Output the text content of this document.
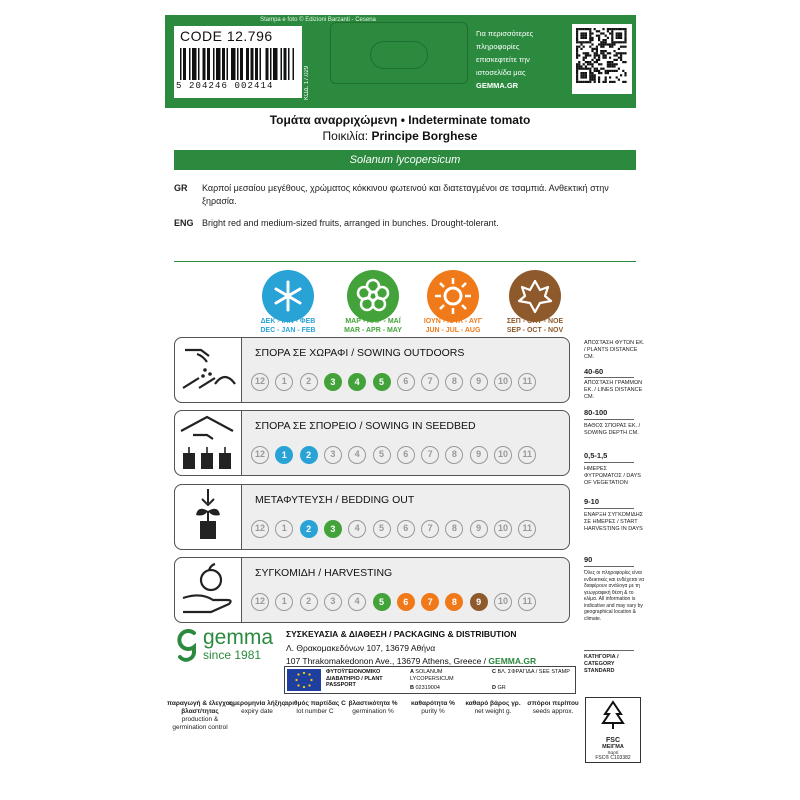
Stampa e foto © Edizioni Barzanti - Cesena
CODE 12.796
5 204246 002414	ΚΩΔ. 17.029
Για περισσότερες
πληροφορίες
επισκεφτείτε την
ιστοσελίδα μας
GEMMA.GR
Τομάτα αναρριχώμενη • Indeterminate tomato
Ποικιλία: Principe Borghese
Solanum lycopersicum
GR Καρποί μεσαίου μεγέθους, χρώματος κόκκινου φωτεινού και διατεταγμένοι σε τσαμπιά. Ανθεκτική στην ξηρασία.
ENG Bright red and medium-sized fruits, arranged in bunches. Drought-tolerant.
ΔΕΚ - ΙΑΝ - ΦΕΒ
DEC - JAN - FEB
ΜΑΡ - ΑΠΡ - ΜΑΪ
MAR - APR - MAY
ΙΟΥΝ - ΙΟΥΛ - ΑΥΓ
JUN - JUL - AUG
ΣΕΠ - ΟΚΤ - ΝΟΕ
SEP - OCT - NOV
ΣΠΟΡΑ ΣΕ ΧΩΡΑΦΙ / SOWING OUTDOORS
ΣΠΟΡΑ ΣΕ ΣΠΟΡΕΙΟ / SOWING IN SEEDBED
ΜΕΤΑΦΥΤΕΥΣΗ / BEDDING OUT
ΣΥΓΚΟΜΙΔΗ / HARVESTING
12	1	2	3	4	5	6	7	8	9	10	11
12	1	2	3	4	5	6	7	8	9	10	11
12	1	2	3	4	5	6	7	8	9	10	11
12	1	2	3	4	5	6	7	8	9	10	11
ΑΠΟΣΤΑΣΗ ΦΥΤΩΝ ΕΚ. / PLANTS DISTANCE CM.
40-60
ΑΠΟΣΤΑΣΗ ΓΡΑΜΜΩΝ ΕΚ. / LINES DISTANCE CM.
80-100
ΒΑΘΟΣ ΣΠΟΡΑΣ ΕΚ. / SOWING DEPTH CM.
0,5-1,5
ΗΜΕΡΕΣ ΦΥΤΡΩΜΑΤΟΣ / DAYS OF VEGETATION
9-10
ΕΝΑΡΞΗ ΣΥΓΚΟΜΙΔΗΣ ΣΕ ΗΜΕΡΕΣ / START HARVESTING IN DAYS
90
Όλες οι πληροφορίες είναι ενδεικτικές και ενδέχεται να διαφέρουν ανάλογα με τη γεωγραφική θέση & το κλίμα. All information is indicative and may vary by geographical location & climate.
ΚΑΤΗΓΟΡΙΑ / CATEGORY
STANDARD
gemma
since 1981
ΣΥΣΚΕΥΑΣΙΑ & ΔΙΑΘΕΣΗ / PACKAGING & DISTRIBUTION
Λ. Θρακομακεδόνων 107, 13679 Αθήνα
107 Thrakomakedonon Ave., 13679 Athens, Greece / GEMMA.GR
ΦΥΤΟΫΓΕΙΟΝΟΜΙΚΟ ΔΙΑΒΑΤΗΡΙΟ / PLANT PASSPORT
A SOLANUM LYCOPERSICUM
B 02319004
C ΒΛ. ΣΦΡΑΓΙΔΑ / SEE STAMP
D GR
παραγωγή & έλεγχος βλαστ/τητας
production & germination control
ημερομηνία λήξης
expiry date
αριθμός παρτίδας C
lot number C
βλαστικότητα %
germination %
καθαρότητα %
purity %
καθαρό βάρος γρ.
net weight g.
σπόροι περίπου
seeds approx.
FSC
ΜΕΙΓΜΑ
Χαρτί
FSC® C103382
